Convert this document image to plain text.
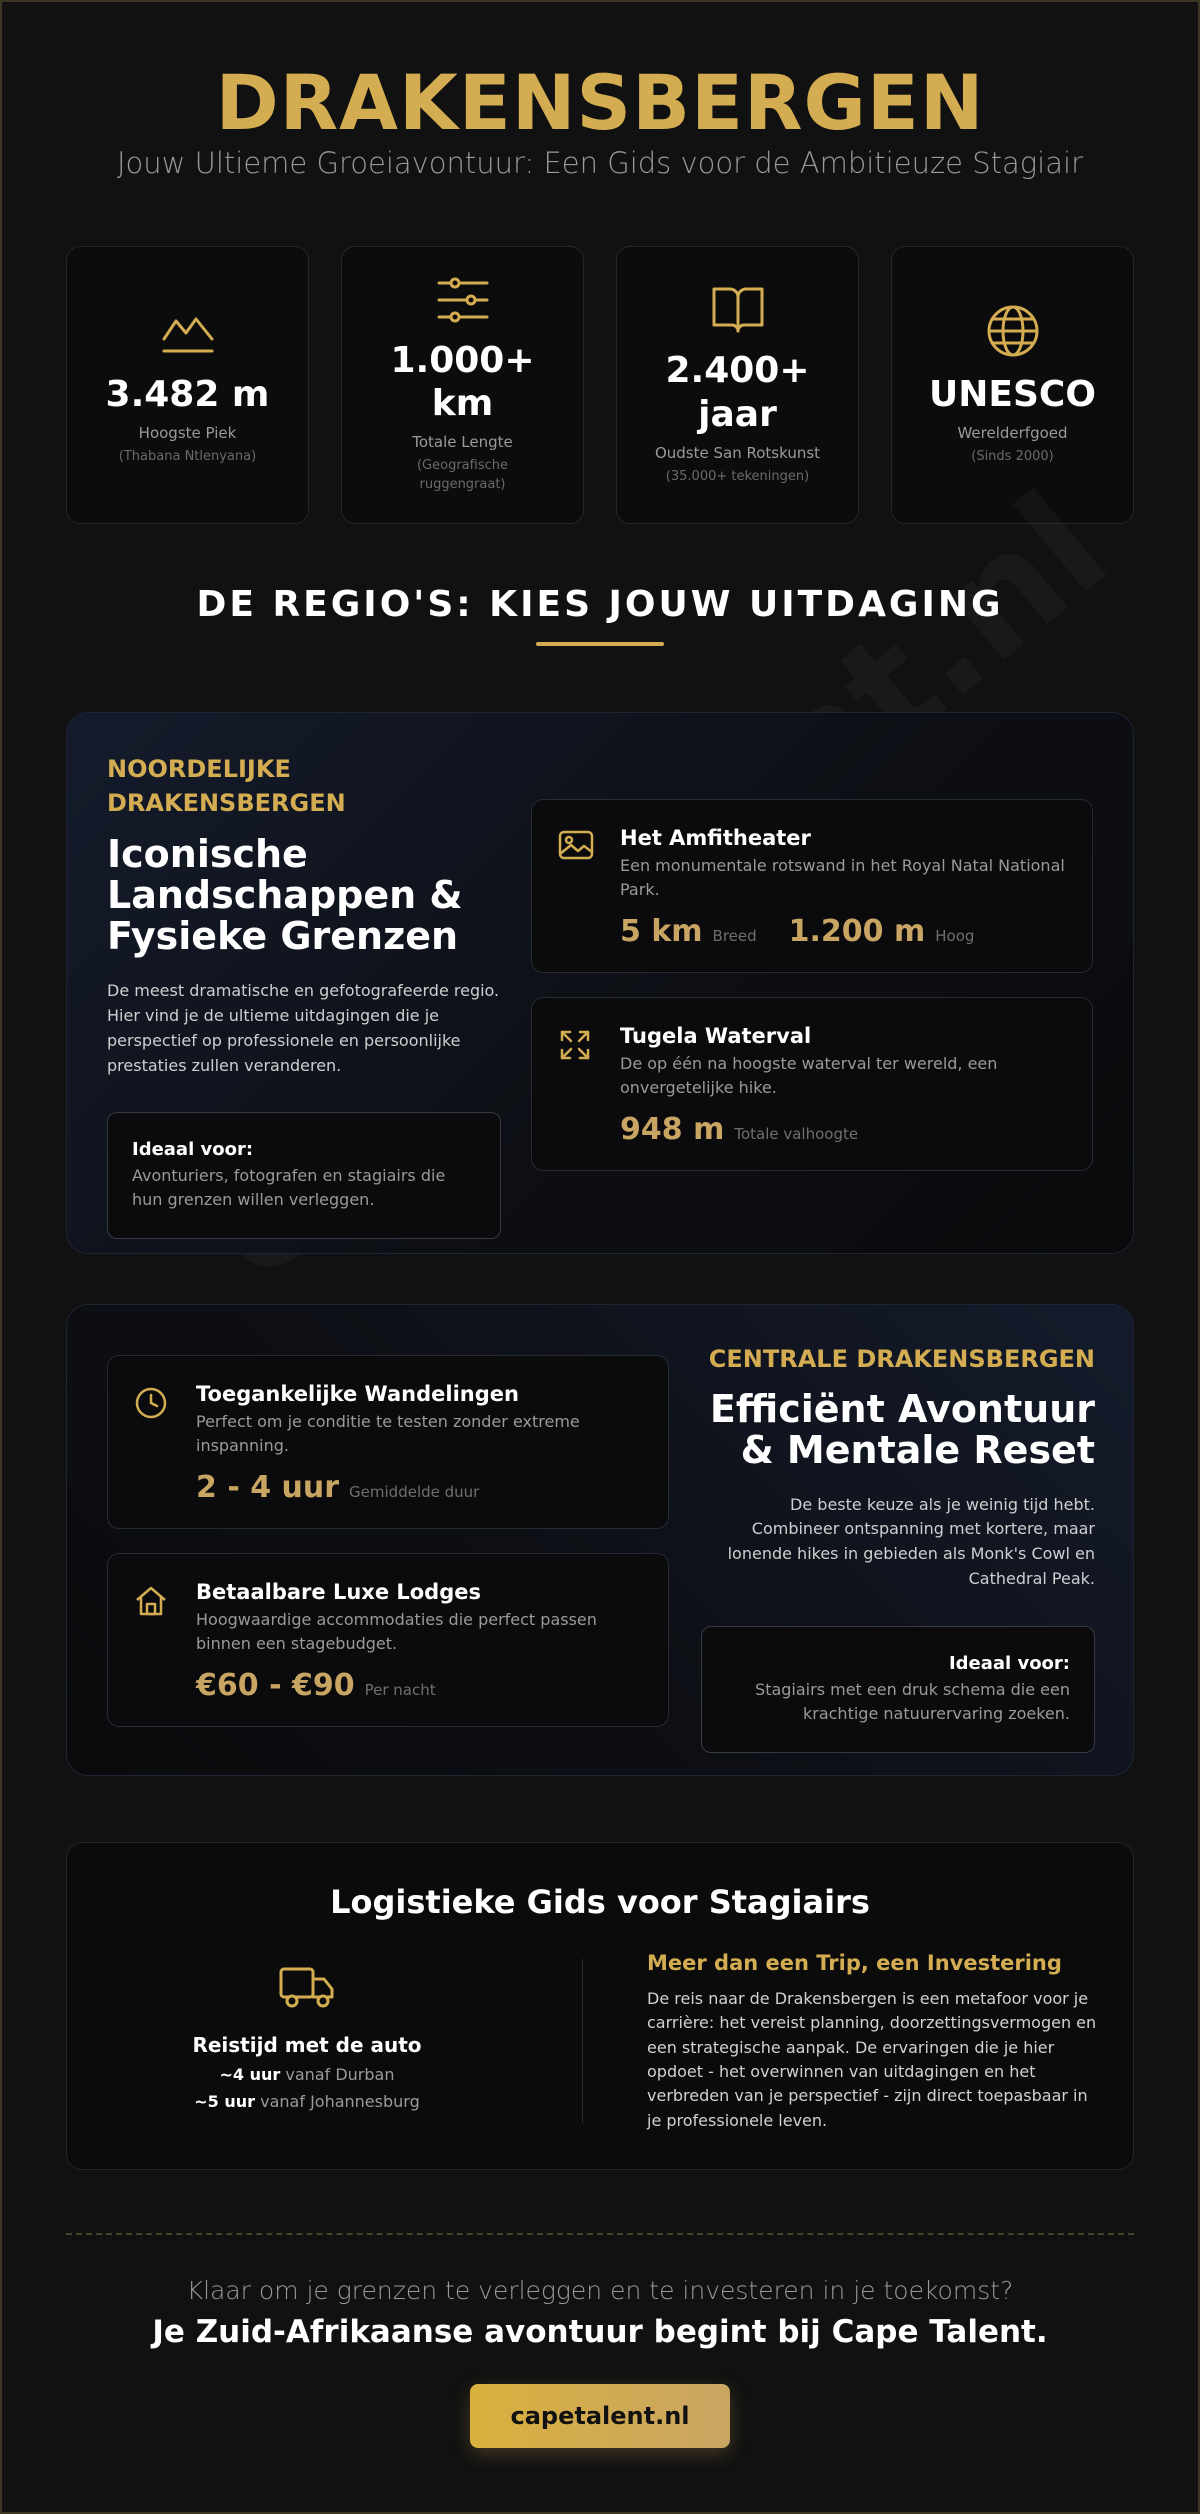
DRAKENSBERGEN

Jouw Ultieme Groeiavontuur: Een Gids voor de Ambitieuze Stagiair

3.482 m
Hoogste Piek
(Thabana Ntlenyana)
1.000+ km
Totale Lengte
(Geografische ruggengraat)
2.400+ jaar
Oudste San Rotskunst
(35.000+ tekeningen)
UNESCO
Werelderfgoed
(Sinds 2000)
DE REGIO'S: KIES JOUW UITDAGING
NOORDELIJKE DRAKENSBERGEN
Iconische Landschappen & Fysieke Grenzen
De meest dramatische en gefotografeerde regio. Hier vind je de ultieme uitdagingen die je perspectief op professionele en persoonlijke prestaties zullen veranderen.
Ideaal voor:
Avonturiers, fotografen en stagiairs die hun grenzen willen verleggen.
Het Amfitheater
Een monumentale rotswand in het Royal Natal National Park.
5 km Breed 1.200 m Hoog
Tugela Waterval
De op één na hoogste waterval ter wereld, een onvergetelijke hike.
948 m Totale valhoogte
Toegankelijke Wandelingen
Perfect om je conditie te testen zonder extreme inspanning.
2 - 4 uur Gemiddelde duur
Betaalbare Luxe Lodges
Hoogwaardige accommodaties die perfect passen binnen een stagebudget.
€60 - €90 Per nacht
CENTRALE DRAKENSBERGEN
Efficiënt Avontuur & Mentale Reset
De beste keuze als je weinig tijd hebt. Combineer ontspanning met kortere, maar lonende hikes in gebieden als Monk's Cowl en Cathedral Peak.
Ideaal voor:
Stagiairs met een druk schema die een krachtige natuurervaring zoeken.
Logistieke Gids voor Stagiairs
Reistijd met de auto
~4 uur vanaf Durban
~5 uur vanaf Johannesburg
Meer dan een Trip, een Investering
De reis naar de Drakensbergen is een metafoor voor je carrière: het vereist planning, doorzettingsvermogen en een strategische aanpak. De ervaringen die je hier opdoet - het overwinnen van uitdagingen en het verbreden van je perspectief - zijn direct toepasbaar in je professionele leven.

Klaar om je grenzen te verleggen en te investeren in je toekomst?

Je Zuid-Afrikaanse avontuur begint bij Cape Talent.

capetalent.nl
